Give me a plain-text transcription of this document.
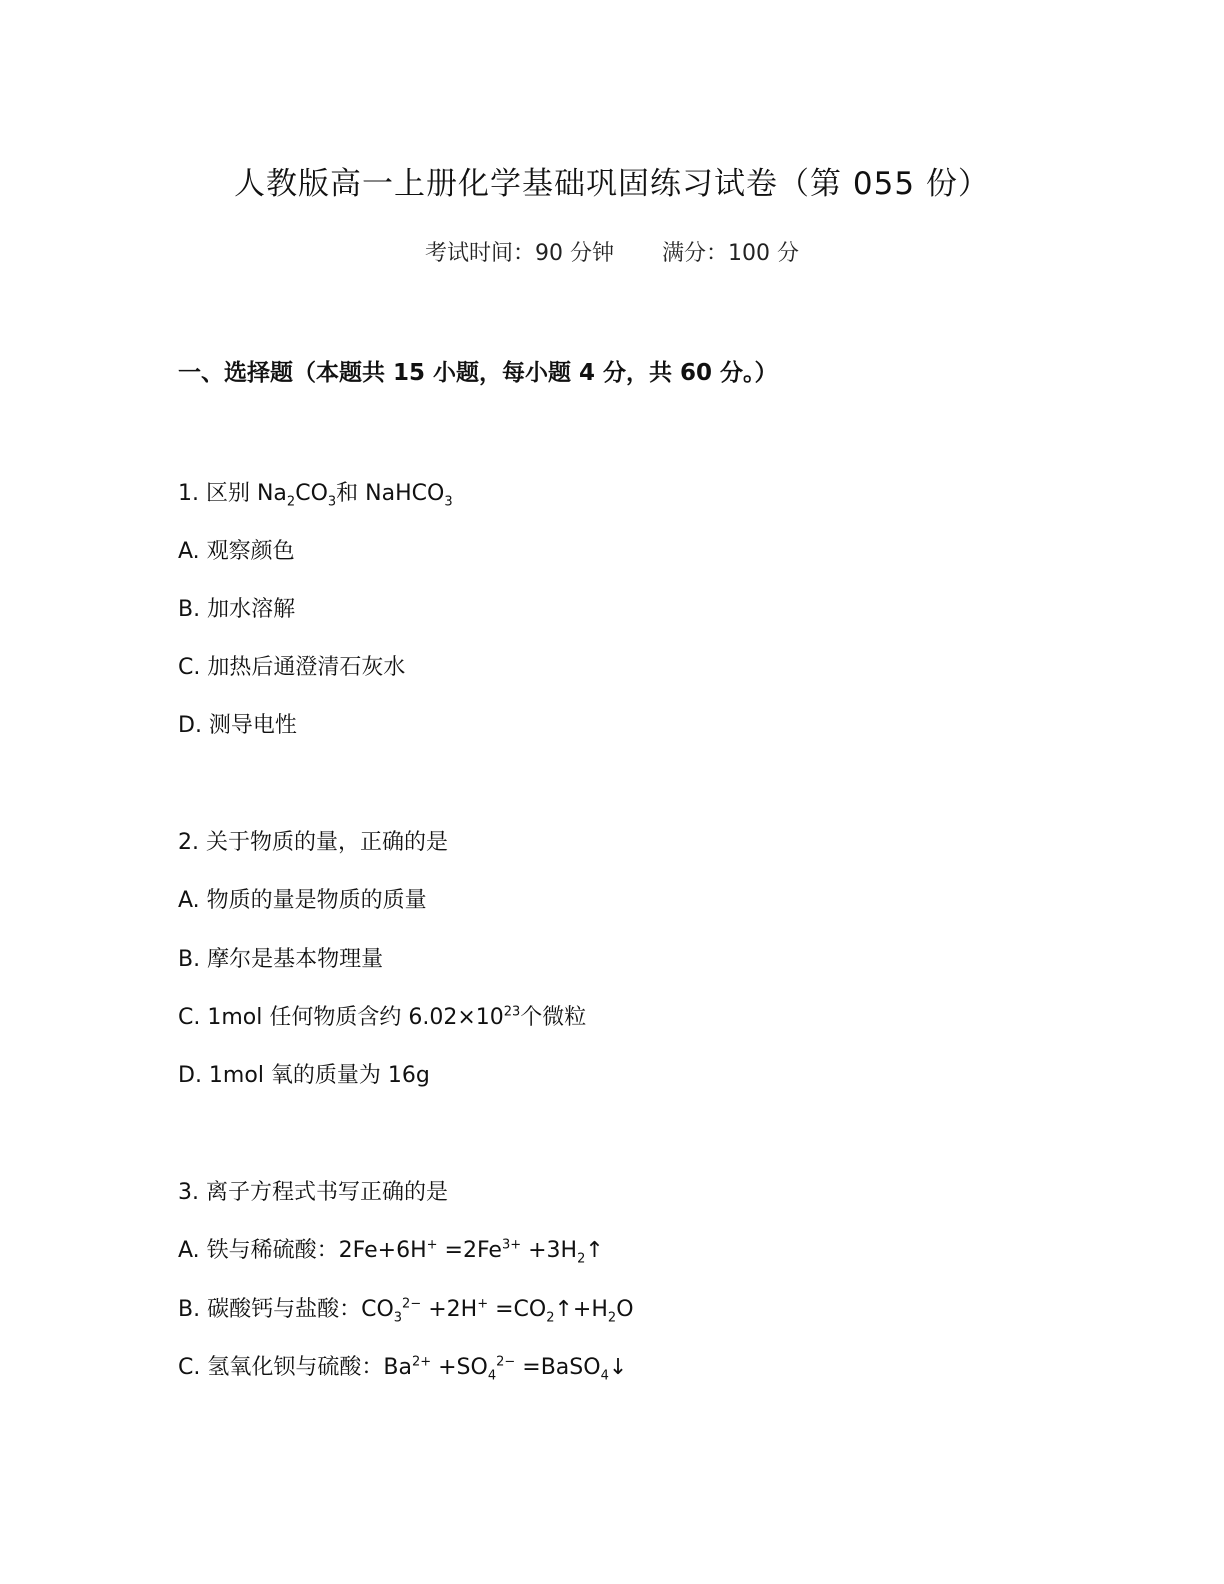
人教版高一上册化学基础巩固练习试卷（第 055 份）
考试时间：90 分钟 满分：100 分
一、选择题（本题共 15 小题，每小题 4 分，共 60 分。）
1. 区别 $Na_2CO_3$和 NaHCO$_3$
A. 观察颜色
B. 加水溶解
C. 加热后通澄清石灰水
D. 测导电性
2. 关于物质的量，正确的是
A. 物质的量是物质的质量
B. 摩尔是基本物理量
C. 1mol 任何物质含约 $6.02\times 10^{23}$个微粒
D. 1mol 氧的质量为 16g
3. 离子方程式书写正确的是
A. 铁与稀硫酸：$2Fe+6H^+ =2Fe^{3+}$ $+3H_2↑$
B. 碳酸钙与盐酸：$CO_3^{2-} +2H^+$ $=CO_2↑+H_2O$
C. 氢氧化钡与硫酸：$Ba^{2+} +SO_4^{2-}$ =BaSO$_4$↓
